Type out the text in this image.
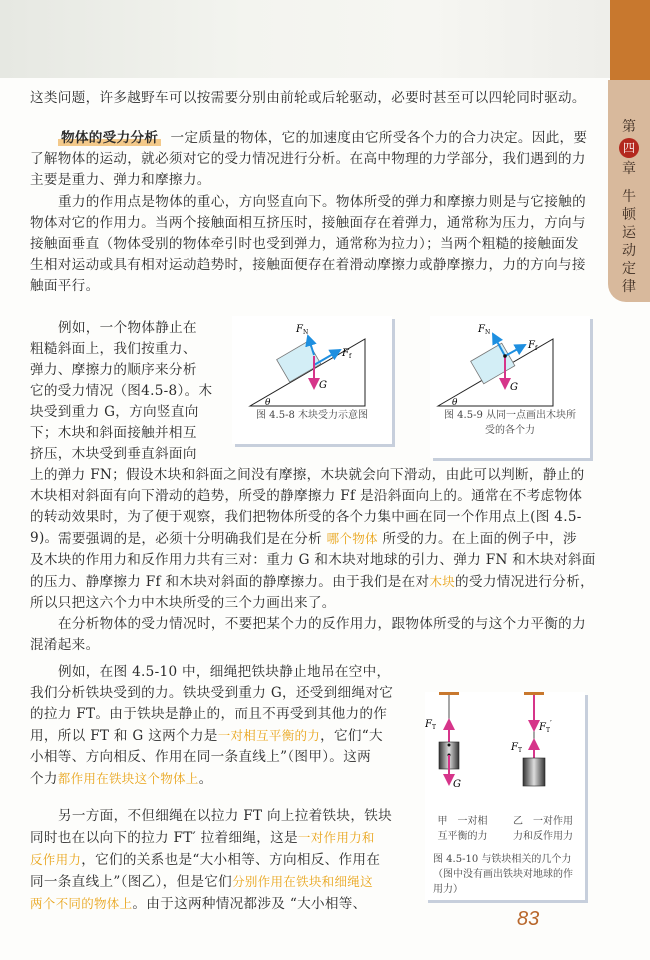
第
四
章
牛
顿
运
动
定
律
这类问题，许多越野车可以按需要分别由前轮或后轮驱动，必要时甚至可以四轮同时驱动。
物体的受力分析 一定质量的物体，它的加速度由它所受各个力的合力决定。因此，要
了解物体的运动，就必须对它的受力情况进行分析。在高中物理的力学部分，我们遇到的力
主要是重力、弹力和摩擦力。
重力的作用点是物体的重心，方向竖直向下。物体所受的弹力和摩擦力则是与它接触的
物体对它的作用力。当两个接触面相互挤压时，接触面存在着弹力，通常称为压力，方向与
接触面垂直（物体受别的物体牵引时也受到弹力，通常称为拉力）；当两个粗糙的接触面发
生相对运动或具有相对运动趋势时，接触面便存在着滑动摩擦力或静摩擦力，力的方向与接
触面平行。
例如，一个物体静止在
粗糙斜面上，我们按重力、
弹力、摩擦力的顺序来分析
它的受力情况（图4.5-8）。木
块受到重力 G，方向竖直向
下；木块和斜面接触并相互
挤压，木块受到垂直斜面向
F N
F f
G
θ
图 4.5-8 木块受力示意图
F N
F f
G
θ
图 4.5-9 从同一点画出木块所
受的各个力
上的弹力 FN；假设木块和斜面之间没有摩擦，木块就会向下滑动，由此可以判断，静止的
木块相对斜面有向下滑动的趋势，所受的静摩擦力 Ff 是沿斜面向上的。通常在不考虑物体
的转动效果时，为了便于观察，我们把物体所受的各个力集中画在同一个作用点上(图 4.5-9)。 需要强调的是，必须十分明确我们是在分析 哪个物体 所受的力。在上面的例子中，涉
及木块的作用力和反作用力共有三对：重力 G 和木块对地球的引力、弹力 FN 和木块对斜面
的压力、静摩擦力 Ff 和木块对斜面的静摩擦力。由于我们是在对木块的受力情况进行分析，
所以只把这六个力中木块所受的三个力画出来了。
在分析物体的受力情况时，不要把某个力的反作用力，跟物体所受的与这个力平衡的力
混淆起来。
例如，在图 4.5-10 中，细绳把铁块静止地吊在空中，
我们分析铁块受到的力。铁块受到重力 G，还受到细绳对它
的拉力 FT。由于铁块是静止的，而且不再受到其他力的作
用，所以 FT 和 G 这两个力是一对相互平衡的力，它们“大
小相等、方向相反、作用在同一条直线上”（图甲）。这两
个力都作用在铁块这个物体上。
另一方面，不但细绳在以拉力 FT 向上拉着铁块，铁块
同时也在以向下的拉力 FT′ 拉着细绳，这是一对作用力和
反作用力，它们的关系也是“大小相等、方向相反、作用在
同一条直线上”（图乙），但是它们分别作用在铁块和细绳这
两个不同的物体上。由于这两种情况都涉及 “大小相等、
F T
G
F T
′
F T
甲　一对相
互平衡的力
乙　一对作用
力和反作用力
图 4.5-10 与铁块相关的几个力
（图中没有画出铁块对地球的作
用力）
83
